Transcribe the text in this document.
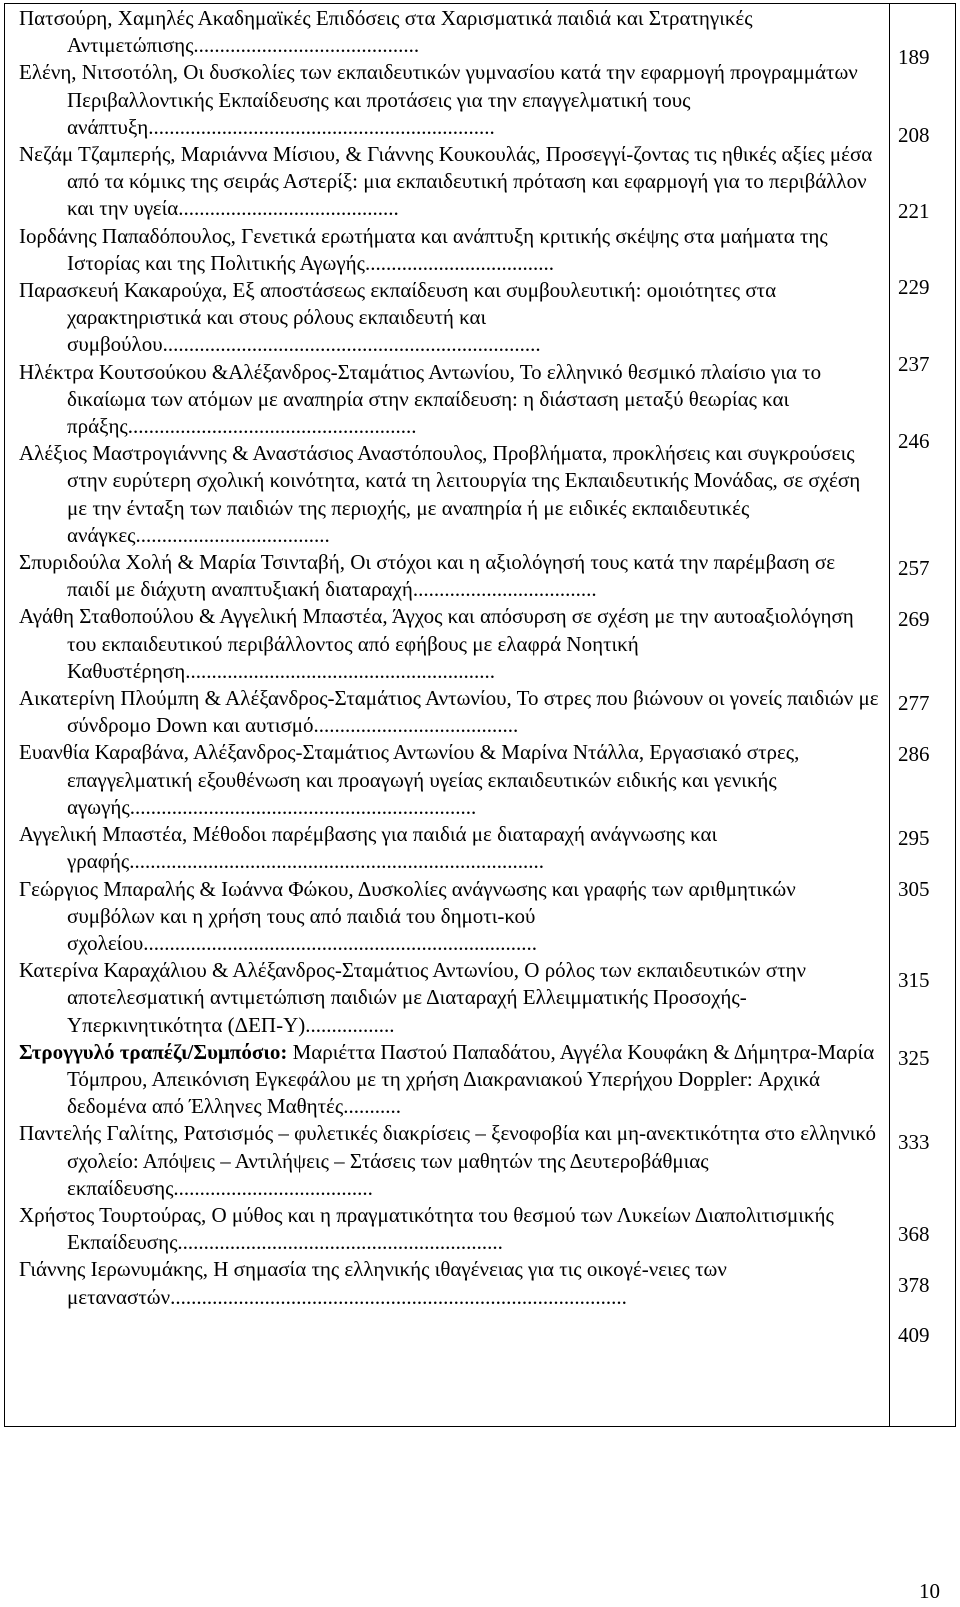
Πατσούρη, Χαμηλές Ακαδημαϊκές Επιδόσεις στα Χαρισματικά παιδιά και Στρατηγικές Αντιμετώπισης...........................................
Ελένη, Νιτσοτόλη, Οι δυσκολίες των εκπαιδευτικών γυμνασίου κατά την εφαρμογή προγραμμάτων Περιβαλλοντικής Εκπαίδευσης και προτάσεις για την επαγγελματική τους ανάπτυξη..................................................................
Νεζάμ Τζαμπερής, Μαριάννα Μίσιου, & Γιάννης Κουκουλάς, Προσεγγί-ζοντας τις ηθικές αξίες μέσα από τα κόμικς της σειράς Αστερίξ: μια εκπαιδευτική πρόταση και εφαρμογή για το περιβάλλον και την υγεία..........................................
Ιορδάνης Παπαδόπουλος, Γενετικά ερωτήματα και ανάπτυξη κριτικής σκέψης στα μαήματα της Ιστορίας και της Πολιτικής Αγωγής....................................
Παρασκευή Κακαρούχα, Εξ αποστάσεως εκπαίδευση και συμβουλευτική: ομοιότητες στα χαρακτηριστικά και στους ρόλους εκπαιδευτή και συμβούλου........................................................................
Ηλέκτρα Κουτσούκου &Αλέξανδρος-Σταμάτιος Αντωνίου, Το ελληνικό θεσμικό πλαίσιο για το δικαίωμα των ατόμων με αναπηρία στην εκπαίδευση: η διάσταση μεταξύ θεωρίας και πράξης.......................................................
Αλέξιος Μαστρογιάννης & Αναστάσιος Αναστόπουλος, Προβλήματα, προκλήσεις και συγκρούσεις στην ευρύτερη σχολική κοινότητα, κατά τη λειτουργία της Εκπαιδευτικής Μονάδας, σε σχέση με την ένταξη των παιδιών της περιοχής, με αναπηρία ή με ειδικές εκπαιδευτικές ανάγκες.....................................
Σπυριδούλα Χολή & Μαρία Τσινταβή, Οι στόχοι και η αξιολόγησή τους κατά την παρέμβαση σε παιδί με διάχυτη αναπτυξιακή διαταραχή...................................
Αγάθη Σταθοπούλου & Αγγελική Μπαστέα, Άγχος και απόσυρση σε σχέση με την αυτοαξιολόγηση του εκπαιδευτικού περιβάλλοντος από εφήβους με ελαφρά Νοητική Καθυστέρηση...........................................................
Αικατερίνη Πλούμπη & Αλέξανδρος-Σταμάτιος Αντωνίου, Το στρες που βιώνουν οι γονείς παιδιών με σύνδρομο Down και αυτισμό.......................................
Ευανθία Καραβάνα, Αλέξανδρος-Σταμάτιος Αντωνίου & Μαρίνα Ντάλλα, Εργασιακό στρες, επαγγελματική εξουθένωση και προαγωγή υγείας εκπαιδευτικών ειδικής και γενικής αγωγής..................................................................
Αγγελική Μπαστέα, Μέθοδοι παρέμβασης για παιδιά με διαταραχή ανάγνωσης και γραφής...............................................................................
Γεώργιος Μπαραλής & Ιωάννα Φώκου, Δυσκολίες ανάγνωσης και γραφής των αριθμητικών συμβόλων και η χρήση τους από παιδιά του δημοτι-κού σχολείου...........................................................................
Κατερίνα Καραχάλιου & Αλέξανδρος-Σταμάτιος Αντωνίου, Ο ρόλος των εκπαιδευτικών στην αποτελεσματική αντιμετώπιση παιδιών με Διαταραχή Ελλειμματικής Προσοχής-Υπερκινητικότητα (ΔΕΠ-Υ).................
Στρογγυλό τραπέζι/Συμπόσιο: Μαριέττα Παστού Παπαδάτου, Αγγέλα Κουφάκη & Δήμητρα-Μαρία Τόμπρου, Απεικόνιση Εγκεφάλου με τη χρήση Διακρανιακού Υπερήχου Doppler: Αρχικά δεδομένα από Έλληνες Μαθητές...........
Παντελής Γαλίτης, Ρατσισμός – φυλετικές διακρίσεις – ξενοφοβία και μη-ανεκτικότητα στο ελληνικό σχολείο: Απόψεις – Αντιλήψεις – Στάσεις των μαθητών της Δευτεροβάθμιας εκπαίδευσης......................................
Χρήστος Τουρτούρας, Ο μύθος και η πραγματικότητα του θεσμού των Λυκείων Διαπολιτισμικής Εκπαίδευσης..............................................................
Γιάννης Ιερωνυμάκης, Η σημασία της ελληνικής ιθαγένειας για τις οικογέ-νειες των μεταναστών.......................................................................................
189
208
221
229
237
246
257
269
277
286
295
305
315
325
333
368
378
409
10
